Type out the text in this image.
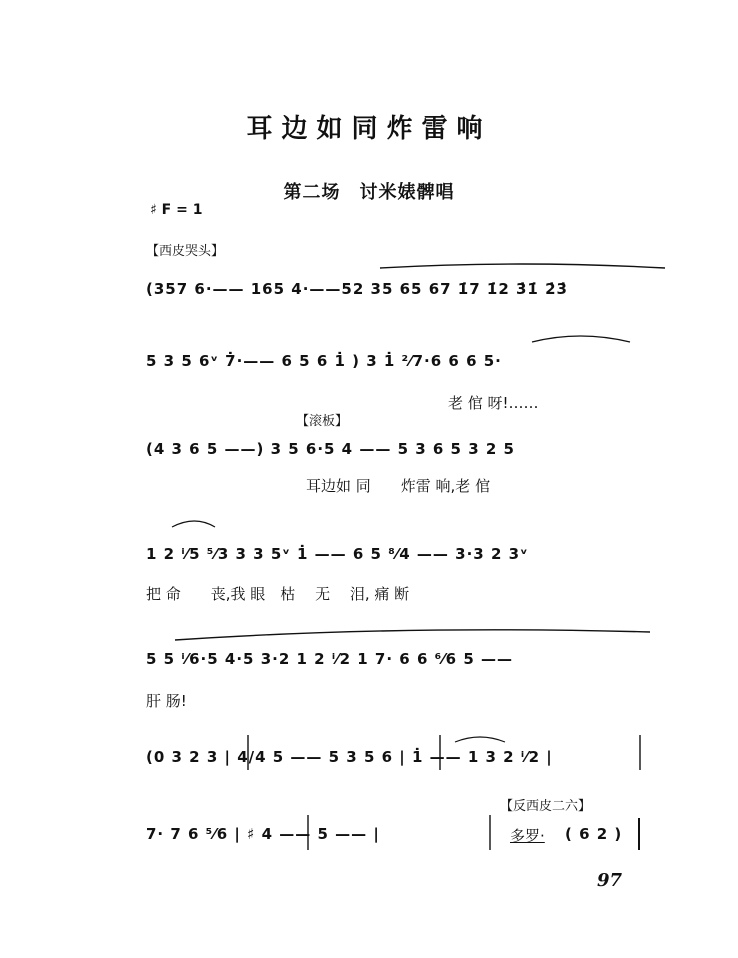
耳边如同炸雷响
第二场　讨米婊髀唱
♯ F = 1
【西皮哭头】
(357 6·—— 165 4·——52 35 65 67 1̇7 1̇2 3̇1̇ 2̇3̇
5 3 5 6ᵛ 7̇·—— 6 5 6 1̇ ) 3 1̇ ²⁄7·6 6 6 5·
老 倌 呀!……
【滚板】
(4 3 6 5 ——) 3 5 6·5 4 —— 5 3 6 5 3 2 5
耳边如 同　　炸雷 响,老 倌
1 2 ⁱ⁄5 ⁵⁄3 3 3 5ᵛ 1̇ —— 6 5 ⁸⁄4 —— 3·3 2 3ᵛ
把 命　　丧,我 眼　枯　 无　 泪, 痛 断
5 5 ⁱ⁄6·5 4·5 3·2 1 2 ⁱ⁄2 1 7· 6 6 ⁶⁄6 5 ——
肝 肠!
(0 3 2 3 | 4/4 5 —— 5 3 5 6 | 1̇ —— 1 3 2 ⁱ⁄2 |
7· 7 6 ⁵⁄6 | ♯ 4 —— 5 —— |
【反西皮二六】
多罗· ( 6 2 )
97
